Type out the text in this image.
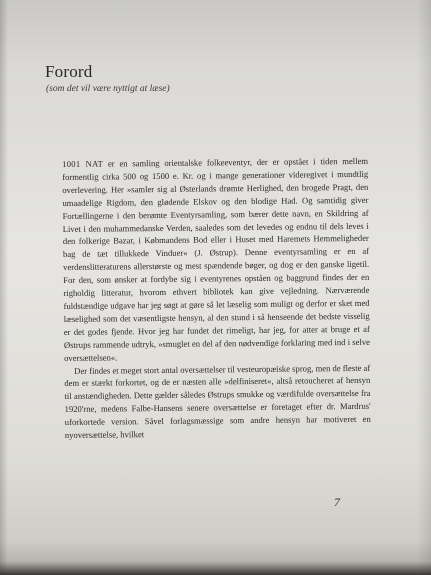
Forord
(som det vil være nyttigt at læse)

1001 NAT er en samling orientalske folkeeventyr, der er opstået i tiden mellem formentlig cirka 500 og 1500 e. Kr. og i mange generationer videregivet i mundtlig overlevering. Her »samler sig al Østerlands drømte Herlighed, den brogede Pragt, den umaadelige Rigdom, den glødende Elskov og den blodige Had. Og samtidig giver Fortællingerne i den berømte Eventyrsamling, som bærer dette navn, en Skildring af Livet i den muhammedanske Verden, saaledes som det levedes og endnu til dels leves i den folkerige Bazar, i Købmandens Bod eller i Huset med Haremets Hemmeligheder bag de tæt tillukkede Vinduer« (J. Østrup). Denne eventyrsamling er en af verdenslitteraturens allerstørste og mest spændende bøger, og dog er den ganske ligetil. For den, som ønsker at fordybe sig i eventyrenes opståen og baggrund findes der en righoldig litteratur, hvorom ethvert bibliotek kan give vejledning. Nærværende fuldstændige udgave har jeg søgt at gøre så let læselig som muligt og derfor er sket med læselighed som det væsentligste hensyn, al den stund i så henseende det bedste visselig er det godes fjende. Hvor jeg har fundet det rimeligt, har jeg, for atter at bruge et af Østrups rammende udtryk, »smuglet en del af den nødvendige forklaring med ind i selve oversættelsen«.

Der findes et meget stort antal oversættelser til vesteuropæiske sprog, men de fleste af dem er stærkt forkortet, og de er næsten alle »delfiniseret«, altså retoucheret af hensyn til anstændigheden. Dette gælder således Østrups smukke og værdifulde oversættelse fra 1920'rne, medens Falbe-Hansens senere oversættelse er foretaget efter dr. Mardrus' uforkortede version. Såvel forlagsmæssige som andre hensyn har motiveret en nyoversættelse, hvilket

7
